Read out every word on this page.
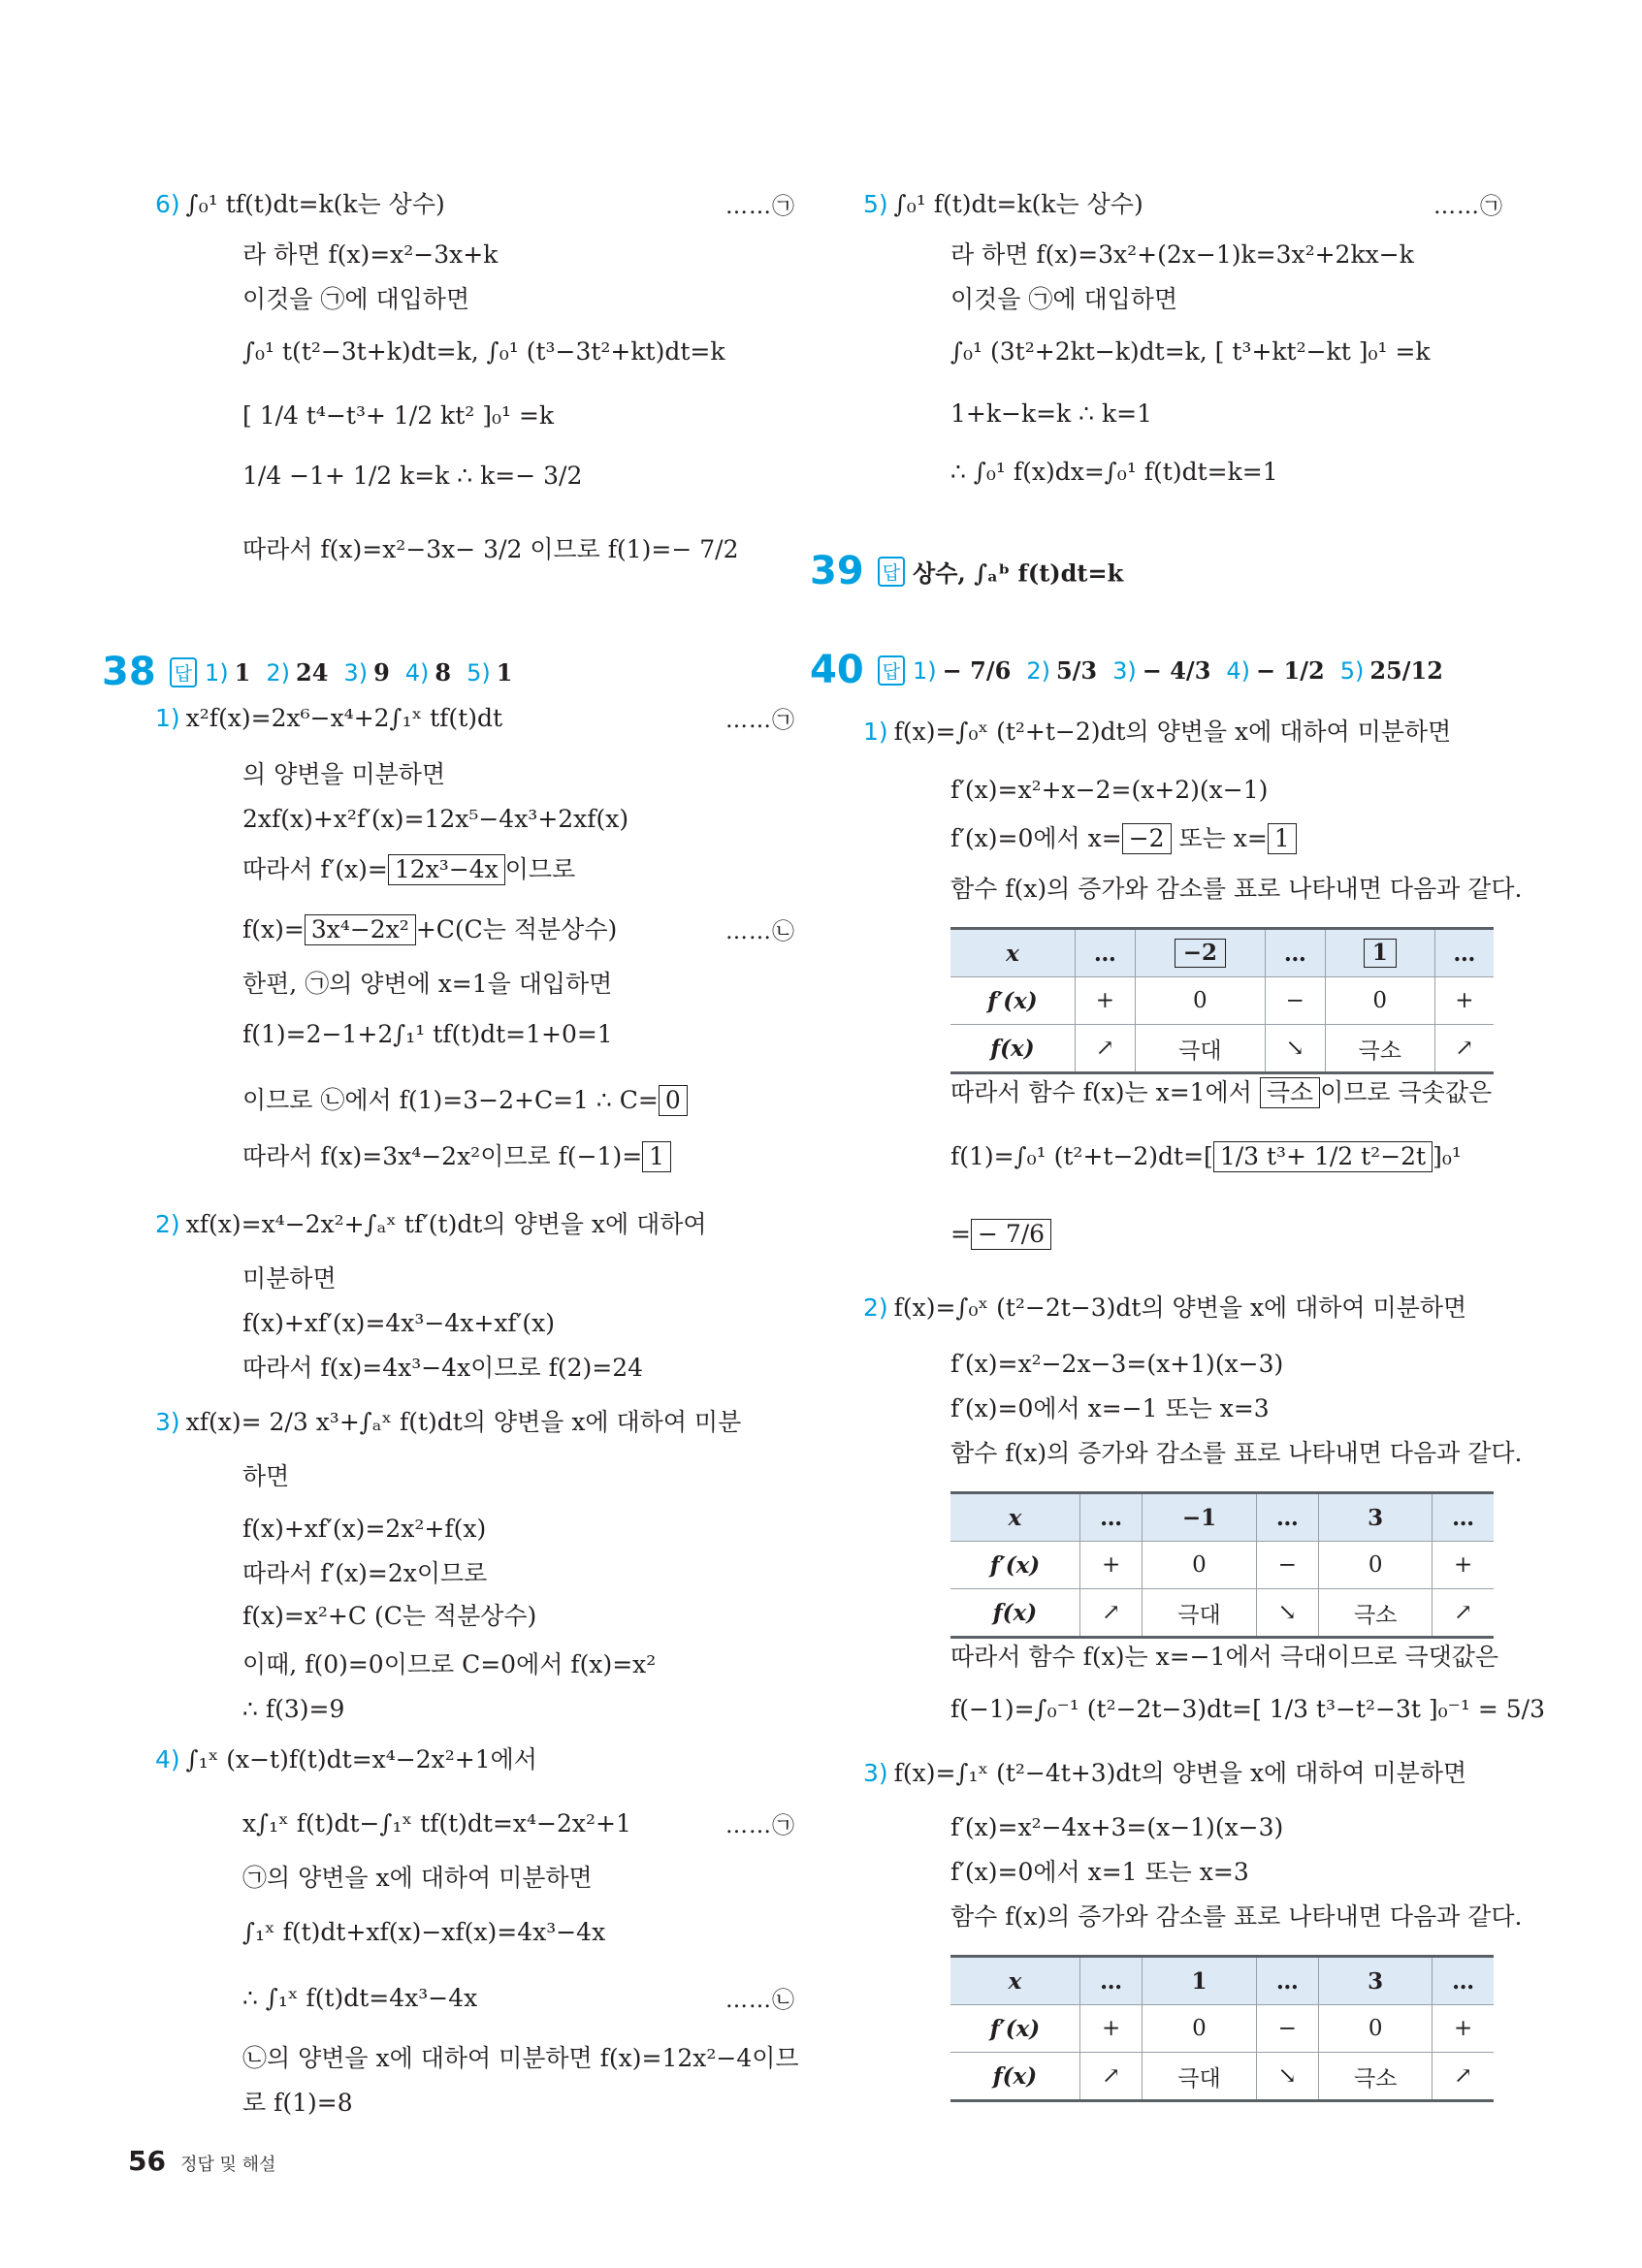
6) ∫₀¹ tf(t)dt=k(k는 상수)	……㉠
라 하면 f(x)=x²−3x+k
이것을 ㉠에 대입하면
∫₀¹ t(t²−3t+k)dt=k, ∫₀¹ (t³−3t²+kt)dt=k
[ 1/4 t⁴−t³+ 1/2 kt² ]₀¹ =k
1/4 −1+ 1/2 k=k ∴ k=− 3/2
따라서 f(x)=x²−3x− 3/2 이므로 f(1)=− 7/2
38 답 1) 1 2) 24 3) 9 4) 8 5) 1
1) x²f(x)=2x⁶−x⁴+2∫₁ˣ tf(t)dt	……㉠
의 양변을 미분하면
2xf(x)+x²f′(x)=12x⁵−4x³+2xf(x)
따라서 f′(x)= 12x³−4x 이므로
f(x)= 3x⁴−2x² +C(C는 적분상수)	……㉡
한편, ㉠의 양변에 x=1을 대입하면
f(1)=2−1+2∫₁¹ tf(t)dt=1+0=1
이므로 ㉡에서 f(1)=3−2+C=1 ∴ C= 0
따라서 f(x)=3x⁴−2x²이므로 f(−1)= 1
2) xf(x)=x⁴−2x²+∫ₐˣ tf′(t)dt의 양변을 x에 대하여
미분하면
f(x)+xf′(x)=4x³−4x+xf′(x)
따라서 f(x)=4x³−4x이므로 f(2)=24
3) xf(x)= 2/3 x³+∫ₐˣ f(t)dt의 양변을 x에 대하여 미분
하면
f(x)+xf′(x)=2x²+f(x)
따라서 f′(x)=2x이므로
f(x)=x²+C (C는 적분상수)
이때, f(0)=0이므로 C=0에서 f(x)=x²
∴ f(3)=9
4) ∫₁ˣ (x−t)f(t)dt=x⁴−2x²+1에서
x∫₁ˣ f(t)dt−∫₁ˣ tf(t)dt=x⁴−2x²+1	……㉠
㉠의 양변을 x에 대하여 미분하면
∫₁ˣ f(t)dt+xf(x)−xf(x)=4x³−4x
∴ ∫₁ˣ f(t)dt=4x³−4x	……㉡
㉡의 양변을 x에 대하여 미분하면 f(x)=12x²−4이므
로 f(1)=8
5) ∫₀¹ f(t)dt=k(k는 상수)	……㉠
라 하면 f(x)=3x²+(2x−1)k=3x²+2kx−k
이것을 ㉠에 대입하면
∫₀¹ (3t²+2kt−k)dt=k, [ t³+kt²−kt ]₀¹ =k
1+k−k=k ∴ k=1
∴ ∫₀¹ f(x)dx=∫₀¹ f(t)dt=k=1
39 답 상수, ∫ₐᵇ f(t)dt=k
40 답 1) − 7/6 2) 5/3 3) − 4/3 4) − 1/2 5) 25/12
1) f(x)=∫₀ˣ (t²+t−2)dt의 양변을 x에 대하여 미분하면
f′(x)=x²+x−2=(x+2)(x−1)
f′(x)=0에서 x= −2 또는 x= 1
함수 f(x)의 증가와 감소를 표로 나타내면 다음과 같다.
x	…	−2	…	1	…
f′(x)	+	0	−	0	+
f(x)	↗	극대	↘	극소	↗
따라서 함수 f(x)는 x=1에서 극소 이므로 극솟값은
f(1)=∫₀¹ (t²+t−2)dt=[1/3 t³+ 1/2 t²−2t]₀¹
= − 7/6
2) f(x)=∫₀ˣ (t²−2t−3)dt의 양변을 x에 대하여 미분하면
f′(x)=x²−2x−3=(x+1)(x−3)
f′(x)=0에서 x=−1 또는 x=3
함수 f(x)의 증가와 감소를 표로 나타내면 다음과 같다.
x	…	−1	…	3	…
f′(x)	+	0	−	0	+
f(x)	↗	극대	↘	극소	↗
따라서 함수 f(x)는 x=−1에서 극대이므로 극댓값은
f(−1)=∫₀⁻¹ (t²−2t−3)dt=[ 1/3 t³−t²−3t ]₀⁻¹ = 5/3
3) f(x)=∫₁ˣ (t²−4t+3)dt의 양변을 x에 대하여 미분하면
f′(x)=x²−4x+3=(x−1)(x−3)
f′(x)=0에서 x=1 또는 x=3
함수 f(x)의 증가와 감소를 표로 나타내면 다음과 같다.
x	…	1	…	3	…
f′(x)	+	0	−	0	+
f(x)	↗	극대	↘	극소	↗
56 정답 및 해설
